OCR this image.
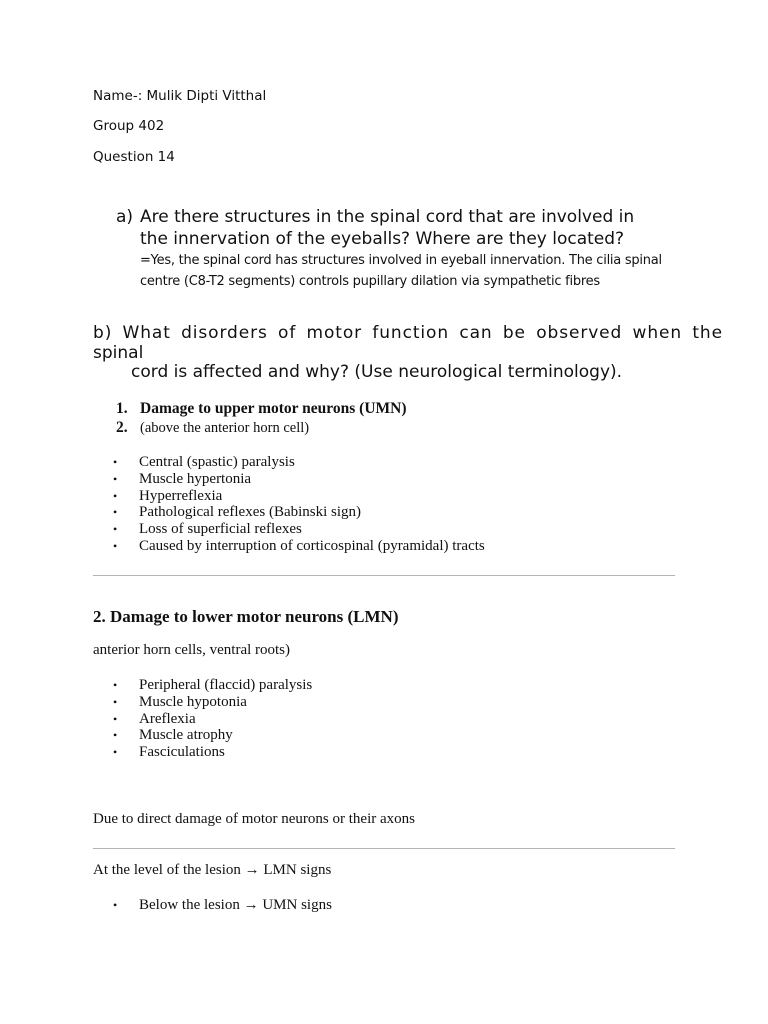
Name-: Mulik Dipti Vitthal
Group 402
Question 14
a) Are there structures in the spinal cord that are involved in
the innervation of the eyeballs? Where are they located?
=Yes, the spinal cord has structures involved in eyeball innervation. The cilia spinal
centre (C8-T2 segments) controls pupillary dilation via sympathetic fibres
b) What disorders of motor function can be observed when the
spinal
cord is affected and why? (Use neurological terminology).
1. Damage to upper motor neurons (UMN)
2. (above the anterior horn cell)
• Central (spastic) paralysis
• Muscle hypertonia
• Hyperreflexia
• Pathological reflexes (Babinski sign)
• Loss of superficial reflexes
• Caused by interruption of corticospinal (pyramidal) tracts
2. Damage to lower motor neurons (LMN)
anterior horn cells, ventral roots)
• Peripheral (flaccid) paralysis
• Muscle hypotonia
• Areflexia
• Muscle atrophy
• Fasciculations
Due to direct damage of motor neurons or their axons
At the level of the lesion → LMN signs
• Below the lesion → UMN signs
